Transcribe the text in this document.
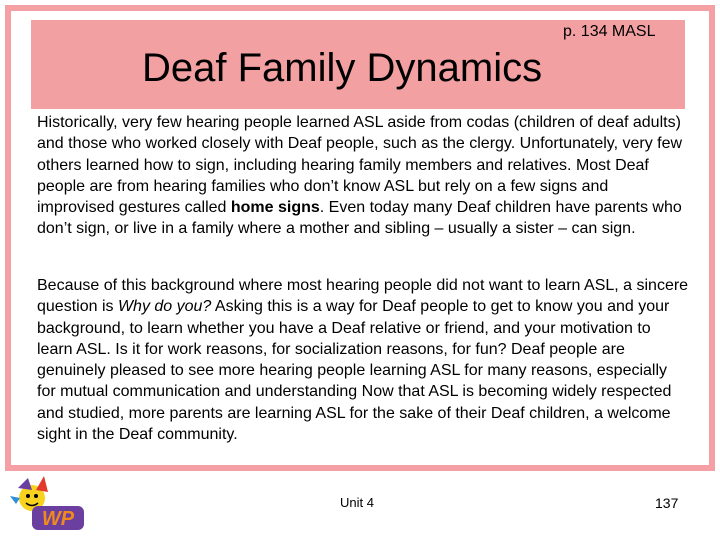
p. 134 MASL
Deaf Family Dynamics

Historically, very few hearing people learned ASL aside from codas (children of deaf adults) and those who worked closely with Deaf people, such as the clergy. Unfortunately, very few others learned how to sign, including hearing family members and relatives. Most Deaf people are from hearing families who don’t know ASL but rely on a few signs and improvised gestures called home signs. Even today many Deaf children have parents who don’t sign, or live in a family where a mother and sibling – usually a sister – can sign.

Because of this background where most hearing people did not want to learn ASL, a sincere question is Why do you? Asking this is a way for Deaf people to get to know you and your background, to learn whether you have a Deaf relative or friend, and your motivation to learn ASL. Is it for work reasons, for socialization reasons, for fun? Deaf people are genuinely pleased to see more hearing people learning ASL for many reasons, especially for mutual communication and understanding Now that ASL is becoming widely respected and studied, more parents are learning ASL for the sake of their Deaf children, a welcome sight in the Deaf community.

WP
Unit 4	137
